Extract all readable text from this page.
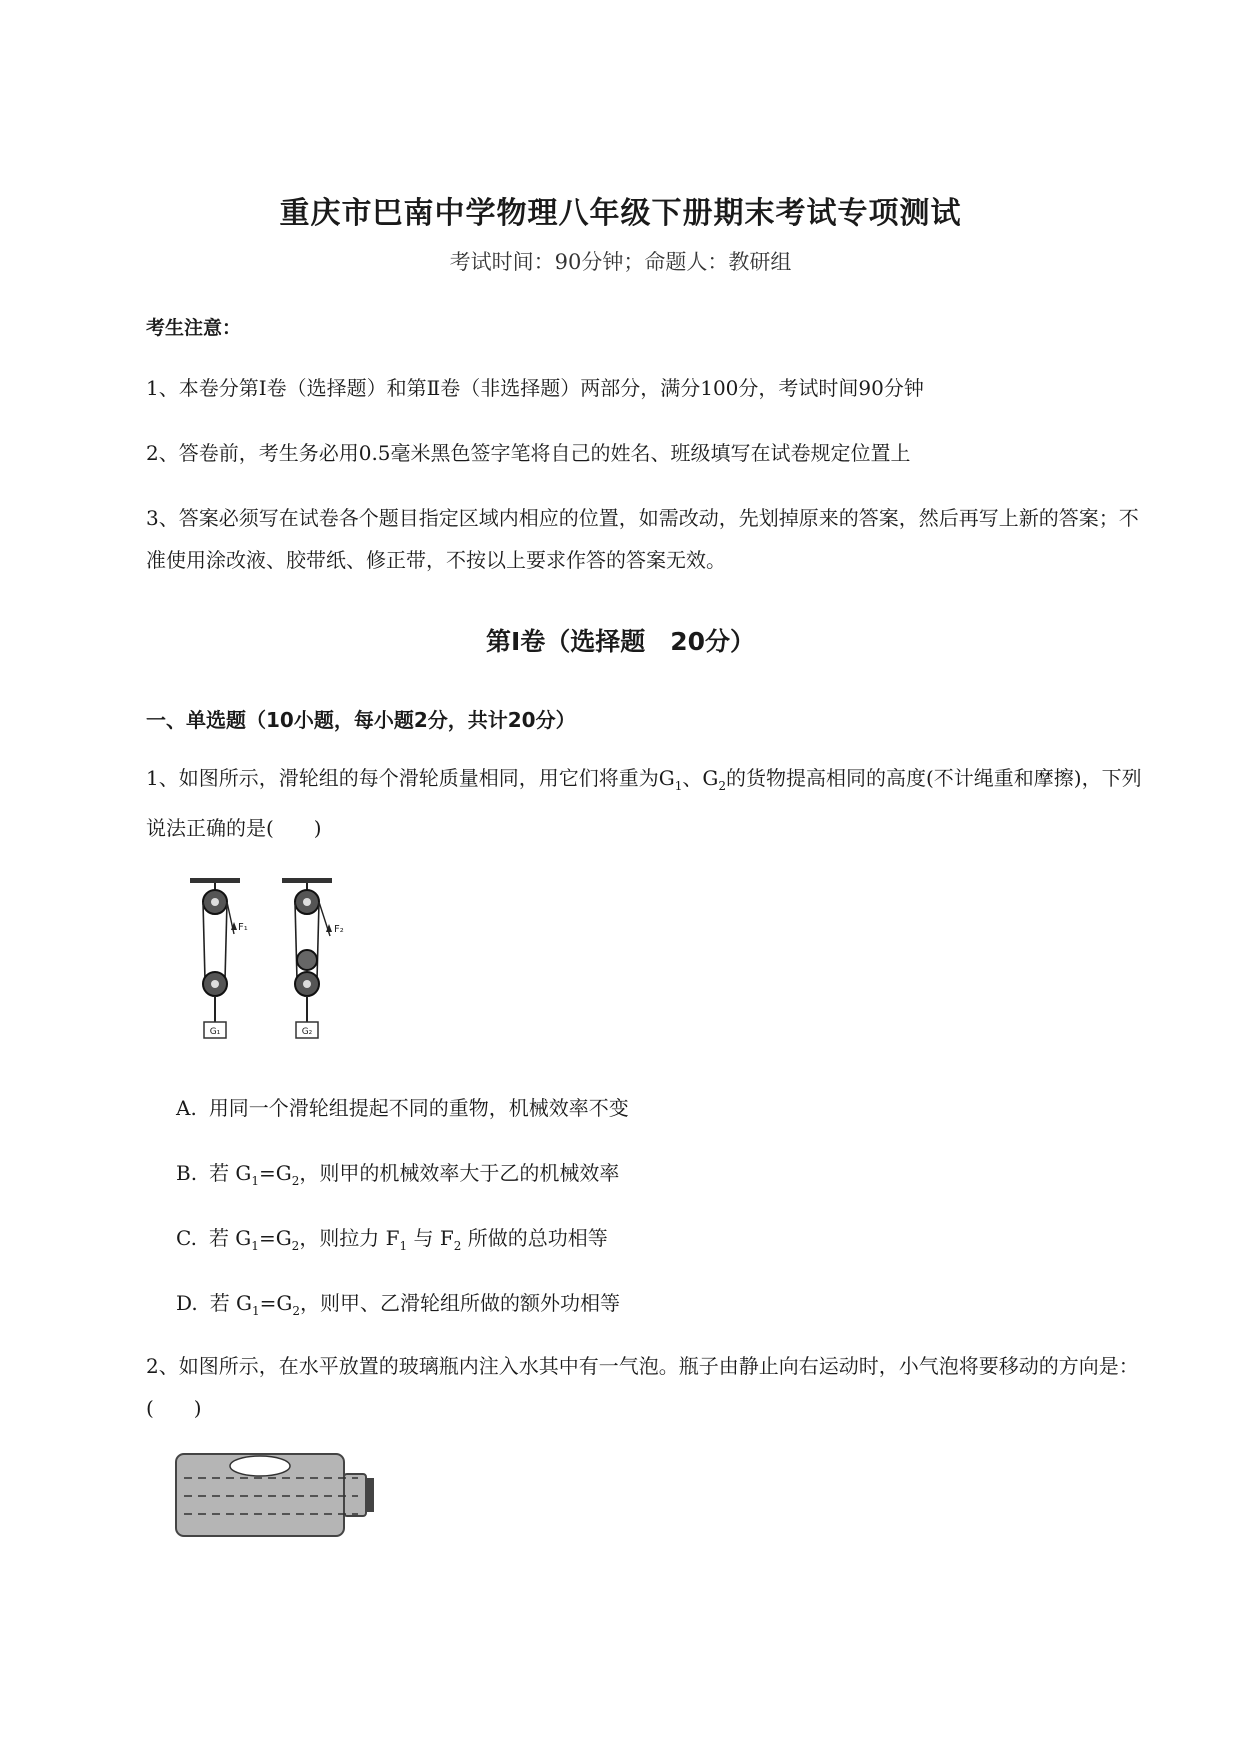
重庆市巴南中学物理八年级下册期末考试专项测试
考试时间：90分钟；命题人：教研组
考生注意：
1、本卷分第I卷（选择题）和第Ⅱ卷（非选择题）两部分，满分100分，考试时间90分钟
2、答卷前，考生务必用0.5毫米黑色签字笔将自己的姓名、班级填写在试卷规定位置上
3、答案必须写在试卷各个题目指定区域内相应的位置，如需改动，先划掉原来的答案，然后再写上新的答案；不准使用涂改液、胶带纸、修正带，不按以上要求作答的答案无效。
第I卷（选择题　20分）
一、单选题（10小题，每小题2分，共计20分）
1、如图所示，滑轮组的每个滑轮质量相同，用它们将重为$G_1$、$G_2$的货物提高相同的高度(不计绳重和摩擦)，下列说法正确的是(　　)
G₁
F₁
G₂
F₂
A. 用同一个滑轮组提起不同的重物，机械效率不变
B. 若 $G_1=G_2$，则甲的机械效率大于乙的机械效率
C. 若 $G_1=G_2$，则拉力 $F_1$ 与 $F_2$ 所做的总功相等
D. 若 $G_1=G_2$，则甲、乙滑轮组所做的额外功相等
2、如图所示，在水平放置的玻璃瓶内注入水其中有一气泡。瓶子由静止向右运动时，小气泡将要移动的方向是：(　　)
